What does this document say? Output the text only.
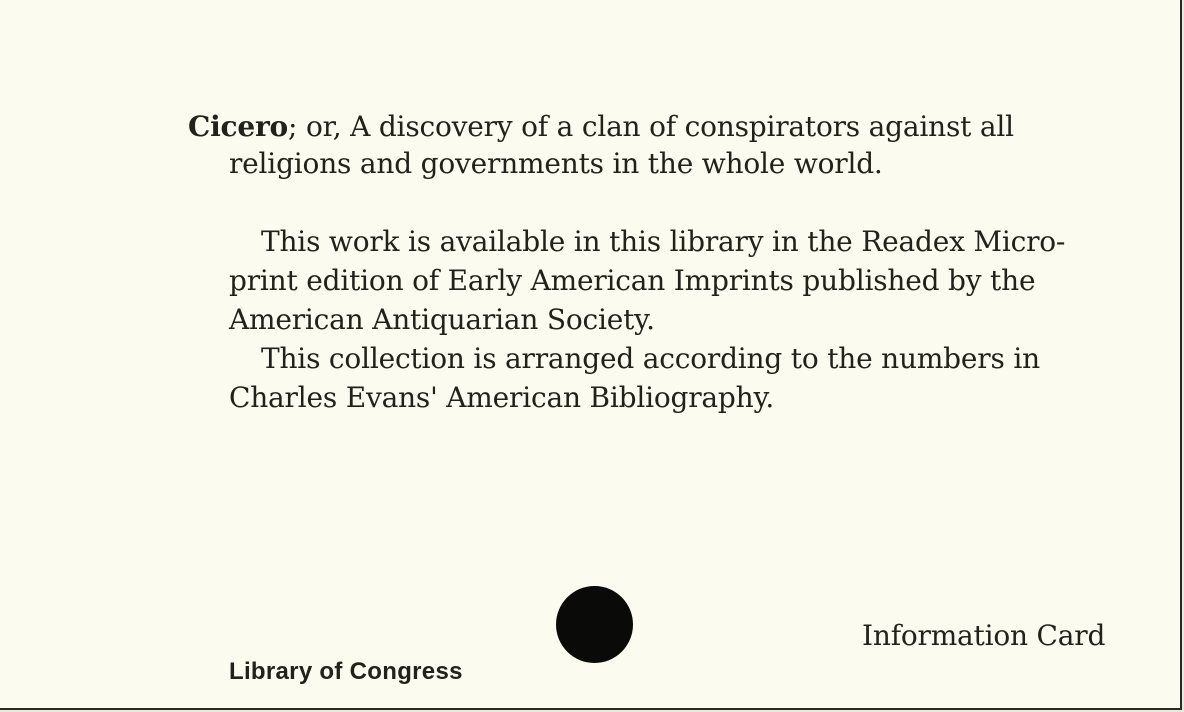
Cicero; or, A discovery of a clan of conspirators against all
religions and governments in the whole world.
This work is available in this library in the Readex Micro-
print edition of Early American Imprints published by the
American Antiquarian Society.
This collection is arranged according to the numbers in
Charles Evans' American Bibliography.
Information Card
Library of Congress
